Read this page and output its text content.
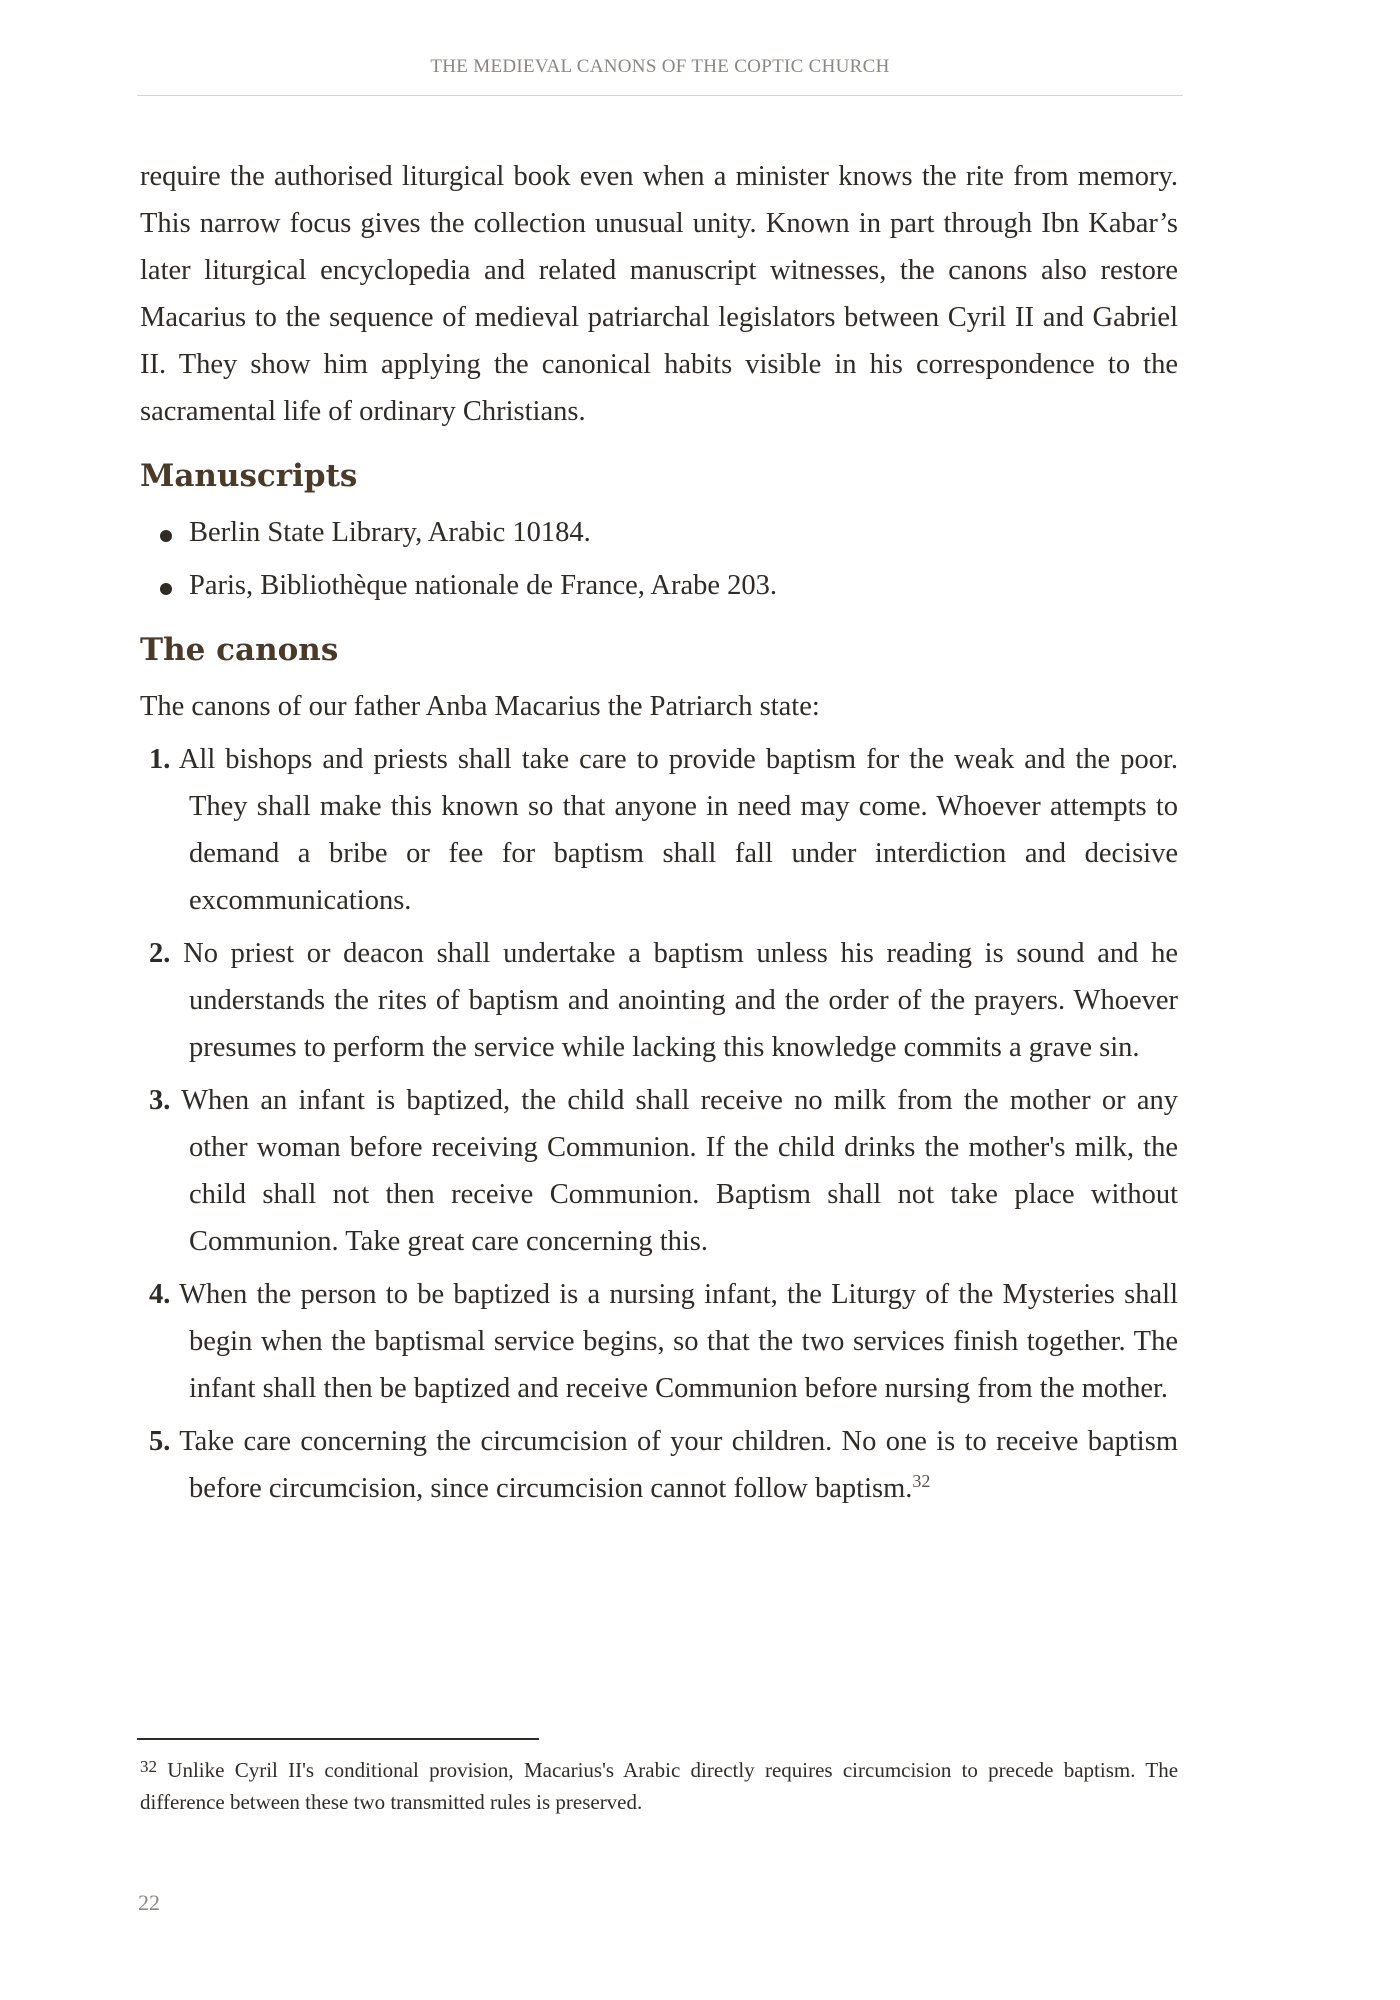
THE MEDIEVAL CANONS OF THE COPTIC CHURCH

require the authorised liturgical book even when a minister knows the rite from memory. This narrow focus gives the collection unusual unity. Known in part through Ibn Kabar’s later liturgical encyclopedia and related manuscript witnesses, the canons also restore Macarius to the sequence of medieval patriarchal legislators between Cyril II and Gabriel II. They show him applying the canonical habits visible in his correspondence to the sacramental life of ordinary Christians.

Manuscripts
Berlin State Library, Arabic 10184.
Paris, Bibliothèque nationale de France, Arabe 203.
The canons

The canons of our father Anba Macarius the Patriarch state:

1. All bishops and priests shall take care to provide baptism for the weak and the poor. They shall make this known so that anyone in need may come. Whoever attempts to demand a bribe or fee for baptism shall fall under interdiction and decisive excommunications.
2. No priest or deacon shall undertake a baptism unless his reading is sound and he understands the rites of baptism and anointing and the order of the prayers. Whoever presumes to perform the service while lacking this knowledge commits a grave sin.
3. When an infant is baptized, the child shall receive no milk from the mother or any other woman before receiving Communion. If the child drinks the mother's milk, the child shall not then receive Communion. Baptism shall not take place without Communion. Take great care concerning this.
4. When the person to be baptized is a nursing infant, the Liturgy of the Mysteries shall begin when the baptismal service begins, so that the two services finish together. The infant shall then be baptized and receive Communion before nursing from the mother.
5. Take care concerning the circumcision of your children. No one is to receive baptism before circumcision, since circumcision cannot follow baptism.$^{32}$

$^{32}$ Unlike Cyril II's conditional provision, Macarius's Arabic directly requires circumcision to precede baptism. The difference between these two transmitted rules is preserved.

22
